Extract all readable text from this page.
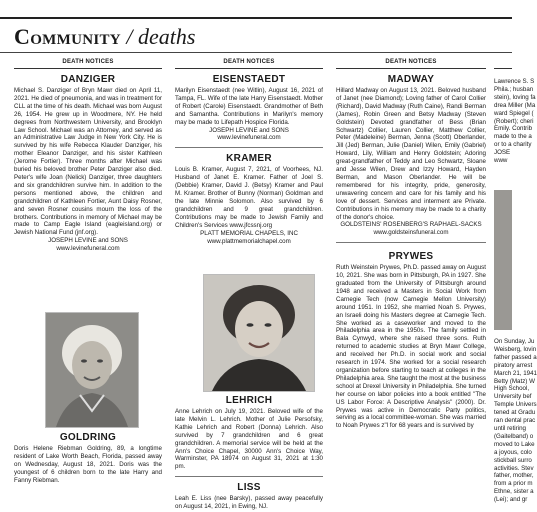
Community / deaths
DEATH NOTICES
DANZIGER
Michael S. Danziger of Bryn Mawr died on April 11, 2021. He died of pneumonia, and was in treatment for CLL at the time of his death. Michael was born August 26, 1954. He grew up in Woodmere, NY. He held degrees from Northwestern University, and Brooklyn Law School. Michael was an Attorney, and served as an Administrative Law Judge in New York City. He is survived by his wife Rebecca Klauder Danziger, his mother Eleanor Danziger, and his sister Kathleen (Jerome Fortier). Three months after Michael was buried his beloved brother Peter Danziger also died. Peter's wife Joan (Nelick) Danziger, three daughters and six grandchildren survive him. In addition to the persons mentioned above, the children and grandchildren of Kathleen Fortier, Aunt Daisy Rosner, and seven Rosner cousins mourn the loss of the brothers. Contributions in memory of Michael may be made to Camp Eagle Island (eagleisland.org) or Jewish National Fund (jnf.org).
JOSEPH LEVINE and SONS
www.levinefuneral.com
GOLDRING
Doris Helene Riebman Goldring, 89, a longtime resident of Lake Worth Beach, Florida, passed away on Wednesday, August 18, 2021. Doris was the youngest of 6 children born to the late Harry and Fanny Riebman.
DEATH NOTICES
EISENSTAEDT
Marilyn Eisenstaedt (nee Witlin), August 16, 2021 of Tampa, FL. Wife of the late Harry Eisenstaedt. Mother of Robert (Carole) Eisenstaedt. Grandmother of Beth and Samantha. Contributions in Marilyn's memory may be made to Lifepath Hospice Florida.
JOSEPH LEVINE and SONS
www.levinefuneral.com
KRAMER
Louis B. Kramer, August 7, 2021, of Voorhees, NJ. Husband of Janet E. Kramer. Father of Joel S. (Debbie) Kramer, David J. (Betsy) Kramer and Paul M. Kramer. Brother of Bunny (Norman) Goldman and the late Minnie Solomon. Also survived by 6 grandchildren and 9 great grandchildren. Contributions may be made to Jewish Family and Children's Services www.jfcssnj.org
PLATT MEMORIAL CHAPELS, INC
www.plattmemorialchapel.com
LEHRICH
Anne Lehrich on July 19, 2021. Beloved wife of the late Melvin L. Lehrich. Mother of Julie Persofsky, Kathie Lehrich and Robert (Donna) Lehrich. Also survived by 7 grandchildren and 6 great grandchildren. A memorial service will be held at the Ann's Choice Chapel, 30000 Ann's Choice Way, Warminster, PA 18974 on August 31, 2021 at 1:30 pm.
LISS
Leah E. Liss (nee Barsky), passed away peacefully on August 14, 2021, in Ewing, NJ.
DEATH NOTICES
MADWAY
Hillard Madway on August 13, 2021. Beloved husband of Janet (nee Diamond); Loving father of Carol Collier (Richard), David Madway (Ruth Caine), Randi Berman (James), Robin Green and Betsy Madway (Steven Goldstein) Devoted grandfather of Bess (Brian Schwartz) Collier, Lauren Collier, Matthew Collier, Peter (Madeleine) Berman, Jenna (Scott) Oberlander, Jill (Jed) Berman, Julie (Daniel) Wilen, Emily (Gabriel) Howard, Lily, William and Henry Goldstein; Adoring great-grandfather of Teddy and Leo Schwartz, Sloane and Jesse Wilen, Drew and Izzy Howard, Hayden Berman, and Mason Oberlander. He will be remembered for his integrity, pride, generosity, unwavering concern and care for his family and his love of dessert. Services and interment are Private. Contributions in his memory may be made to a charity of the donor's choice.
GOLDSTEINS' ROSENBERG'S RAPHAEL-SACKS
www.goldsteinsfuneral.com
PRYWES
Ruth Weinstein Prywes, Ph.D. passed away on August 10, 2021. She was born in Pittsburgh, PA in 1927. She graduated from the University of Pittsburgh around 1948 and received a Masters in Social Work from Carnegie Tech (now Carnegie Mellon University) around 1951. In 1952, she married Noah S. Prywes, an Israeli doing his Masters degree at Carnegie Tech. She worked as a caseworker and moved to the Philadelphia area in the 1950s. The family settled in Bala Cynwyd, where she raised three sons. Ruth returned to academic studies at Bryn Mawr College, and received her Ph.D. in social work and social research in 1974. She worked for a social research organization before starting to teach at colleges in the Philadelphia area. She taught the most at the business school at Drexel University in Philadelphia. She turned her course on labor policies into a book entitled "The US Labor Force: A Descriptive Analysis" (2000). Dr. Prywes was active in Democratic Party politics, serving as a local committee-woman. She was married to Noah Prywes z"l for 68 years and is survived by
Lawrence S. S
Phila.; husban
stein), loving fa
drea Miller (Ma
ward Spiegel (
(Robert); cheri
Emily. Contrib
made to the a
or to a charity
JOSE
www
On Sunday, Ju
Weisberg, lovin
father passed a
piratory arrest
March 21, 1941
Betty (Matz) W
High School,
University bef
Temple Univers
tened at Gradu
ran dental prac
until retiring
(Gaitelband) o
moved to Lake
a joyous, colo
stickball surro
activities. Stev
father, mother,
from a prior m
Ethne, sister a
(Lei); and gr
